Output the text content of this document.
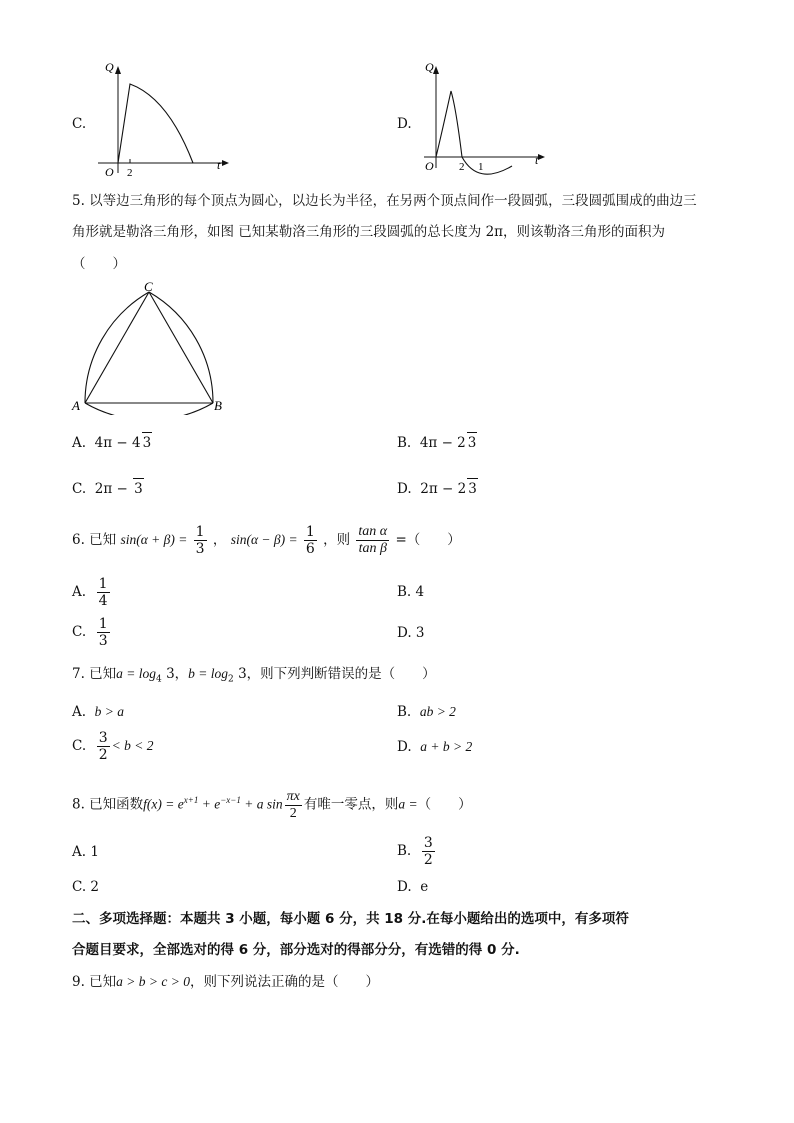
C.
Q
t
O 2
D.
Q
t
O 2 1
5. 以等边三角形的每个顶点为圆心，以边长为半径，在另两个顶点间作一段圆弧，三段圆弧围成的曲边三
角形就是勒洛三角形，如图 已知某勒洛三角形的三段圆弧的总长度为 2π，则该勒洛三角形的面积为
（　　）
A	B
C
A. 4π − 4 3	B. 4π − 2 3
C. 2π − 3	D. 2π − 2 3
6. 已知 $\sin(\alpha + \beta) = \frac{1}{3}$ ， $\sin(\alpha - \beta) = \frac{1}{6}$ ，则 $\frac{\text{tan α}}{\text{tan β}}$ =（　　）
A. $\frac{1}{4}$	B. 4
C. $\frac{1}{3}$	D. 3
7. 已知$a = \log_4 3$，$b = \log_2 3$，则下列判断错误的是（　　）
A. b > a	B. ab > 2
C. $\frac{3}{2} < b < 2$	D. a + b > 2
8. 已知函数$f(x) = e^{x+1} + e^{-x-1} + a$ $\sin \frac{\pi x}{2}$ 有唯一零点，则a =（　　）
A. 1	B. $\frac{3}{2}$
C. 2	D. e
二、多项选择题：本题共 3 小题，每小题 6 分，共 18 分.在每小题给出的选项中，有多项符
合题目要求，全部选对的得 6 分，部分选对的得部分分，有选错的得 0 分.
9. 已知a > b > c > 0，则下列说法正确的是（　　）
